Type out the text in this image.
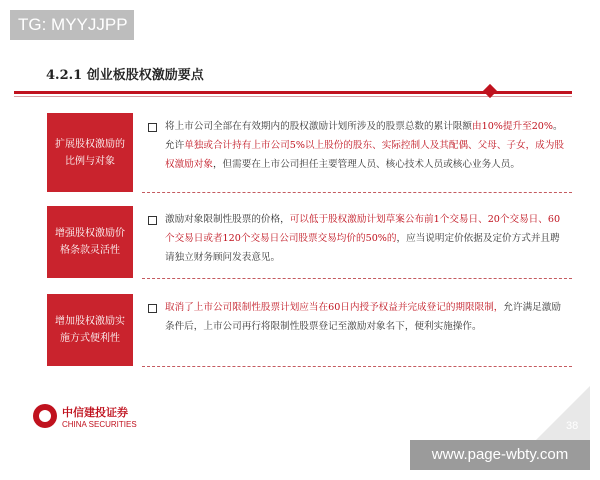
TG: MYYJJPP
4.2.1 创业板股权激励要点
扩展股权激励的比例与对象
将上市公司全部在有效期内的股权激励计划所涉及的股票总数的累计限额由10%提升至20%。允许单独或合计持有上市公司5%以上股份的股东、实际控制人及其配偶、父母、子女，成为股权激励对象，但需要在上市公司担任主要管理人员、核心技术人员或核心业务人员。
增强股权激励价格条款灵活性
激励对象限制性股票的价格，可以低于股权激励计划草案公布前1个交易日、20个交易日、60个交易日或者120个交易日公司股票交易均价的50%的，应当说明定价依据及定价方式并且聘请独立财务顾问发表意见。
增加股权激励实施方式便利性
取消了上市公司限制性股票计划应当在60日内授予权益并完成登记的期限限制，允许满足激励条件后，上市公司再行将限制性股票登记至激励对象名下，便利实施操作。
中信建投证券
CHINA SECURITIES	38
www.page-wbty.com
